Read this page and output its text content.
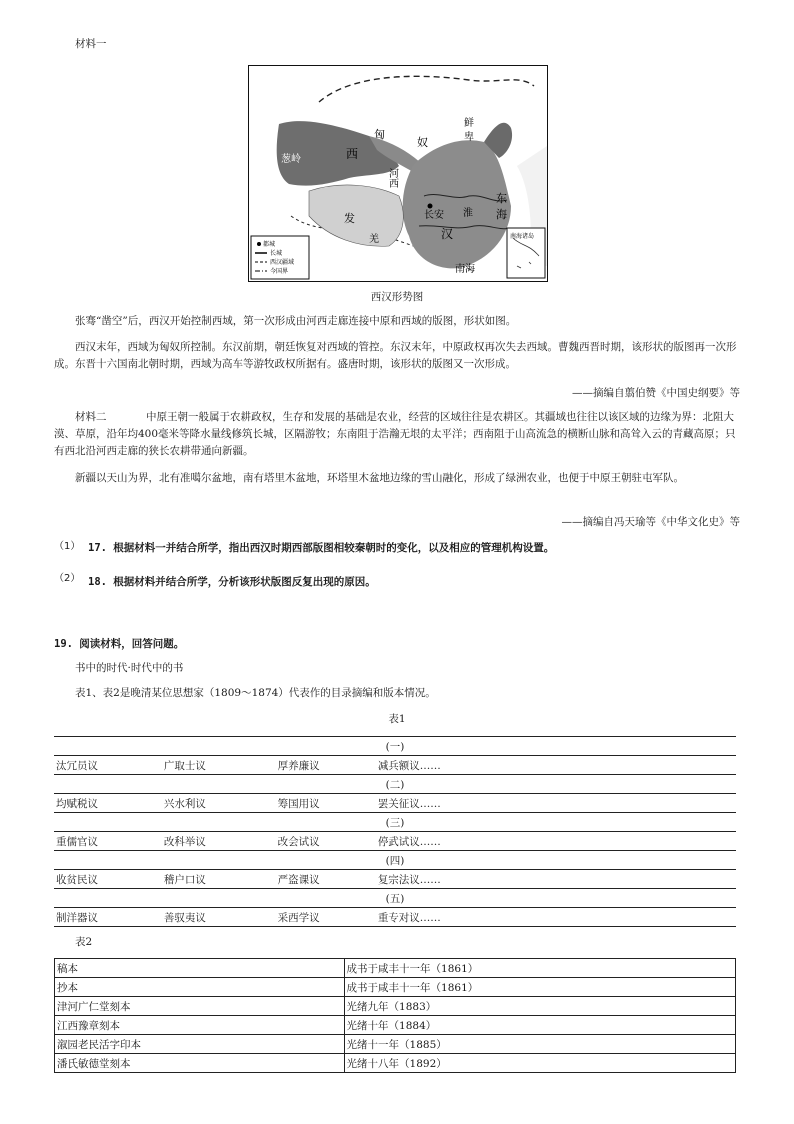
材料一
匈
奴
鲜
卑
西
葱岭
河西
长安 淮
发
羌	汉
东
海
南海
南海诸岛
都城
长城
西汉疆域
今国界
西汉形势图
张骞“凿空”后，西汉开始控制西域，第一次形成由河西走廊连接中原和西域的版图，形状如图。
西汉末年，西域为匈奴所控制。东汉前期，朝廷恢复对西域的管控。东汉末年，中原政权再次失去西域。曹魏西晋时期，该形状的版图再一次形成。东晋十六国南北朝时期，西域为高车等游牧政权所据有。盛唐时期，该形状的版图又一次形成。
——摘编自翦伯赞《中国史纲要》等
材料二	中原王朝一般属于农耕政权，生存和发展的基础是农业，经营的区域往往是农耕区。其疆域也往往以该区域的边缘为界：北阻大漠、草原，沿年均400毫米等降水量线修筑长城，区隔游牧；东南阻于浩瀚无垠的太平洋；西南阻于山高流急的横断山脉和高耸入云的青藏高原；只有西北沿河西走廊的狭长农耕带通向新疆。
新疆以天山为界，北有准噶尔盆地，南有塔里木盆地，环塔里木盆地边缘的雪山融化，形成了绿洲农业，也便于中原王朝驻屯军队。
——摘编自冯天瑜等《中华文化史》等
（1） 17. 根据材料一并结合所学，指出西汉时期西部版图相较秦朝时的变化，以及相应的管理机构设置。
（2） 18. 根据材料并结合所学，分析该形状版图反复出现的原因。
19. 阅读材料，回答问题。
书中的时代·时代中的书
表1、表2是晚清某位思想家（1809～1874）代表作的目录摘编和版本情况。
表1
(一)			
汰冗员议	广取士议	厚养廉议	减兵额议……
(二)			
均赋税议	兴水利议	筹国用议	罢关征议……
(三)			
重儒官议	改科举议	改会试议	停武试议……
(四)			
收贫民议	稽户口议	严盗课议	复宗法议……
(五)			
制洋器议	善驭夷议	采西学议	重专对议……
表2
稿本	成书于咸丰十一年（1861）
抄本	成书于咸丰十一年（1861）
津河广仁堂刻本	光绪九年（1883）
江西豫章刻本	光绪十年（1884）
溆园老民活字印本	光绪十一年（1885）
潘氏敏德堂刻本	光绪十八年（1892）
